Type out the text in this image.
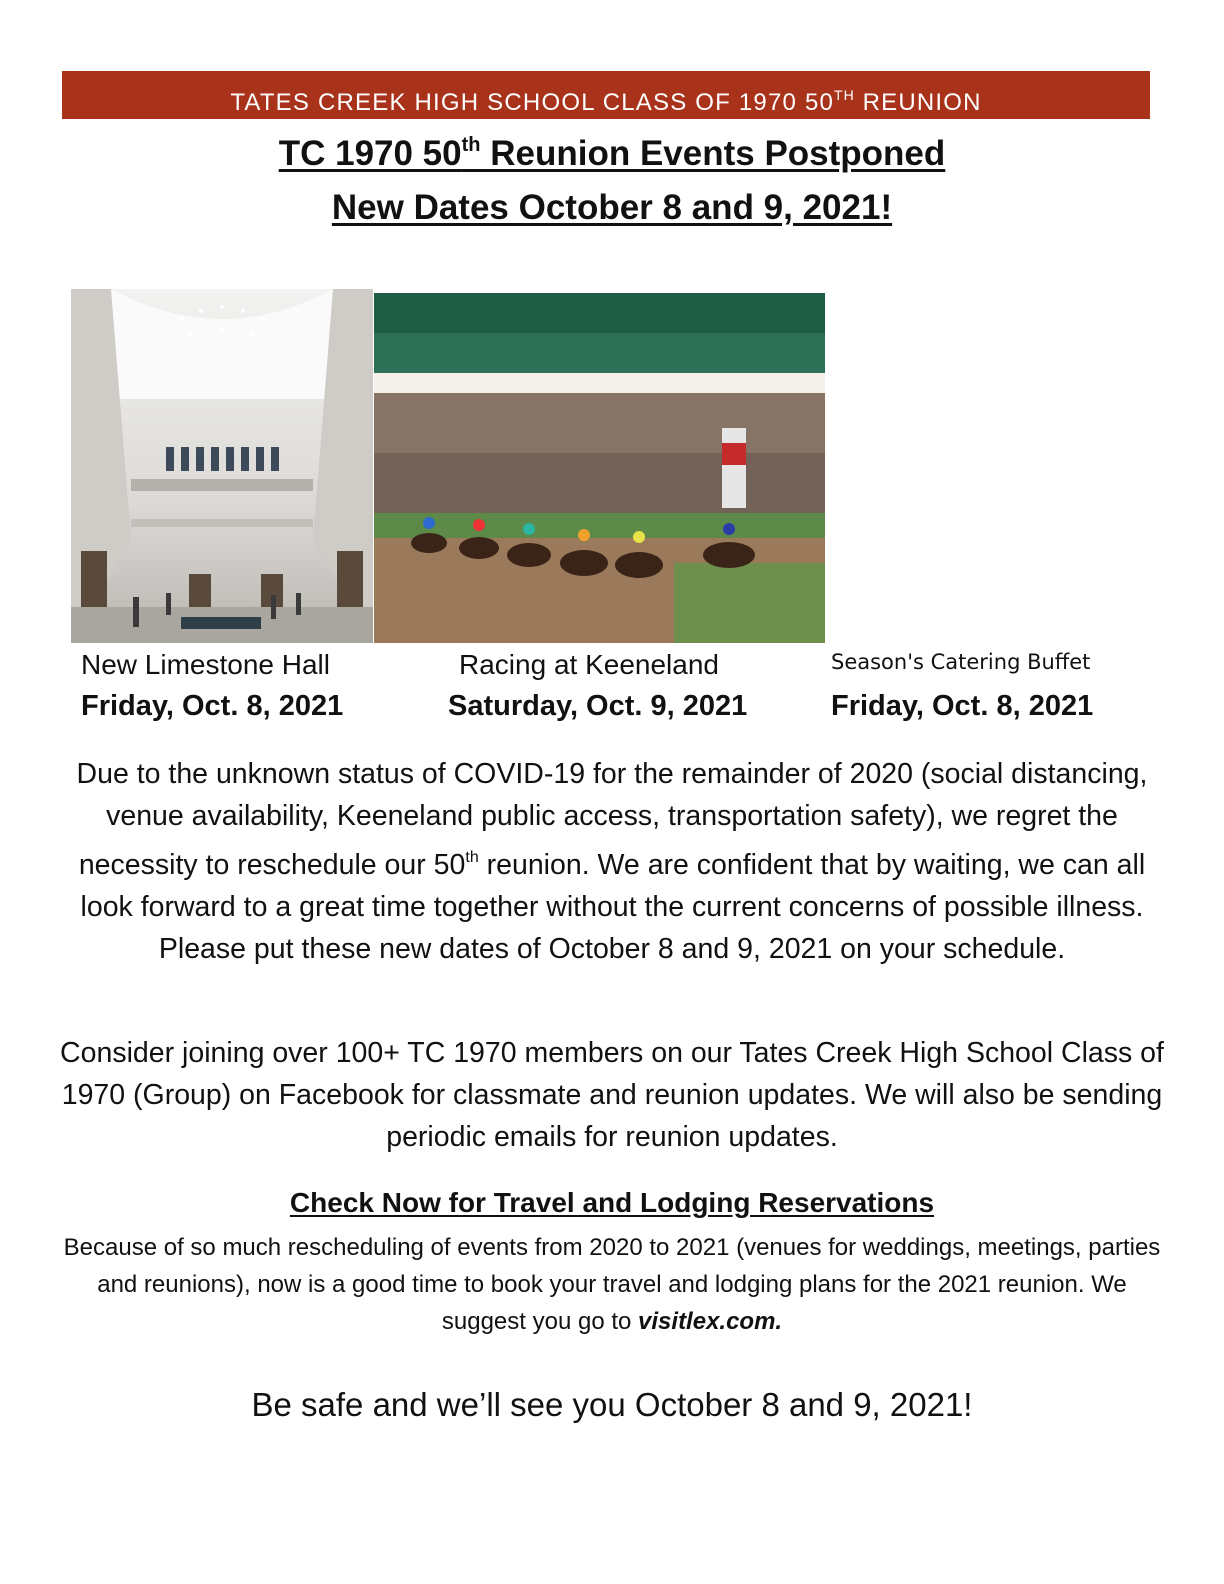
TATES CREEK HIGH SCHOOL CLASS OF 1970 50TH REUNION
TC 1970 50th Reunion Events Postponed
New Dates October 8 and 9, 2021!
New Limestone Hall
Friday, Oct. 8, 2021
Racing at Keeneland
Saturday, Oct. 9, 2021
Season's Catering Buffet
Friday, Oct. 8, 2021
Due to the unknown status of COVID-19 for the remainder of 2020 (social distancing, venue availability, Keeneland public access, transportation safety), we regret the necessity to reschedule our 50th reunion. We are confident that by waiting, we can all look forward to a great time together without the current concerns of possible illness. Please put these new dates of October 8 and 9, 2021 on your schedule.
Consider joining over 100+ TC 1970 members on our Tates Creek High School Class of 1970 (Group) on Facebook for classmate and reunion updates. We will also be sending periodic emails for reunion updates.
Check Now for Travel and Lodging Reservations
Because of so much rescheduling of events from 2020 to 2021 (venues for weddings, meetings, parties and reunions), now is a good time to book your travel and lodging plans for the 2021 reunion. We suggest you go to visitlex.com.
Be safe and we’ll see you October 8 and 9, 2021!
